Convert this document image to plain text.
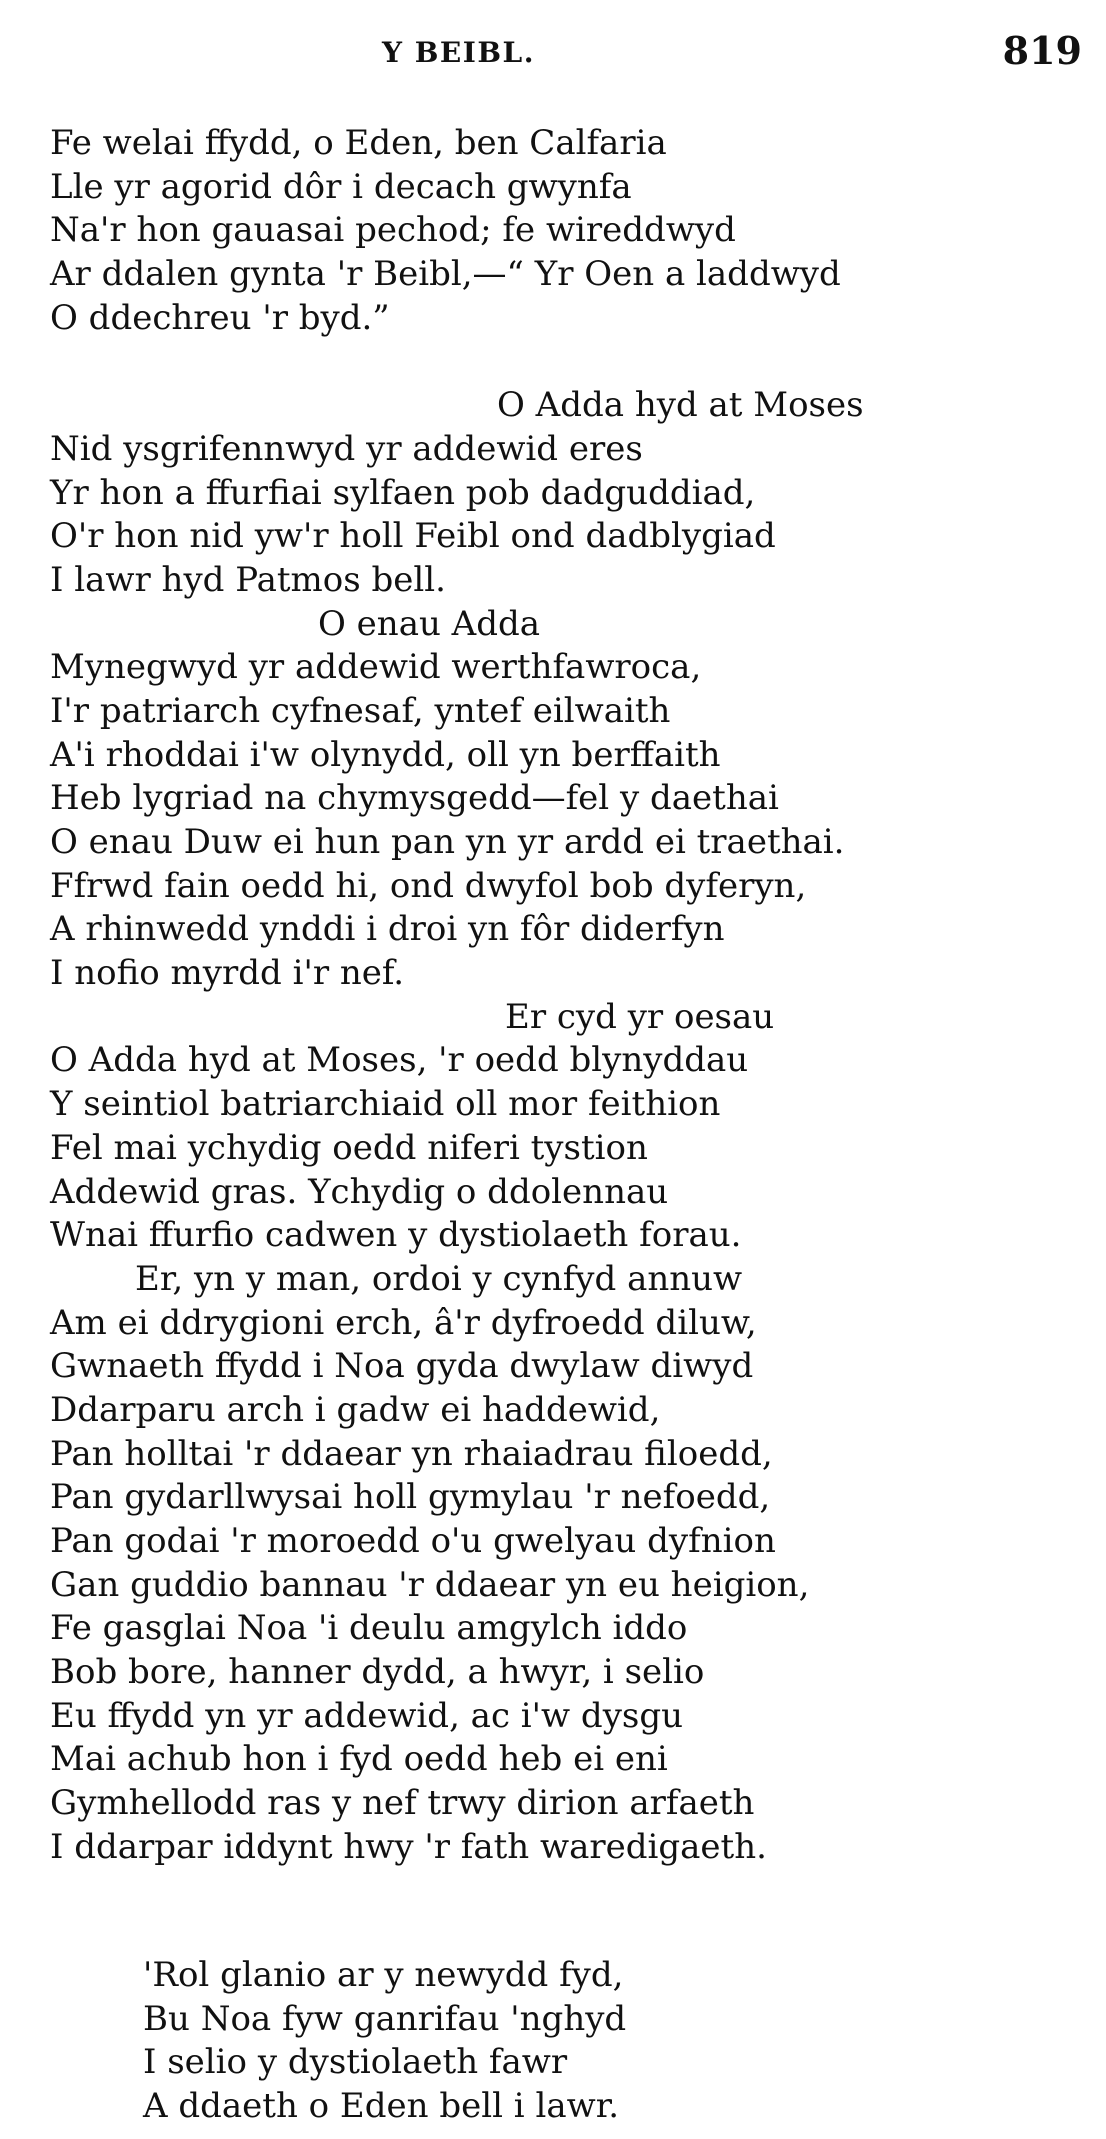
Y BEIBL.	819
Fe welai ffydd, o Eden, ben Calfaria
Lle yr agorid dôr i decach gwynfa
Na'r hon gauasai pechod; fe wireddwyd
Ar ddalen gynta 'r Beibl,—“ Yr Oen a laddwyd
O ddechreu 'r byd.”
O Adda hyd at Moses
Nid ysgrifennwyd yr addewid eres
Yr hon a ffurfiai sylfaen pob dadguddiad,
O'r hon nid yw'r holl Feibl ond dadblygiad
I lawr hyd Patmos bell.
O enau Adda
Mynegwyd yr addewid werthfawroca,
I'r patriarch cyfnesaf, yntef eilwaith
A'i rhoddai i'w olynydd, oll yn berffaith
Heb lygriad na chymysgedd—fel y daethai
O enau Duw ei hun pan yn yr ardd ei traethai.
Ffrwd fain oedd hi, ond dwyfol bob dyferyn,
A rhinwedd ynddi i droi yn fôr diderfyn
I nofio myrdd i'r nef.
Er cyd yr oesau
O Adda hyd at Moses, 'r oedd blynyddau
Y seintiol batriarchiaid oll mor feithion
Fel mai ychydig oedd niferi tystion
Addewid gras. Ychydig o ddolennau
Wnai ffurfio cadwen y dystiolaeth forau.
Er, yn y man, ordoi y cynfyd annuw
Am ei ddrygioni erch, â'r dyfroedd diluw,
Gwnaeth ffydd i Noa gyda dwylaw diwyd
Ddarparu arch i gadw ei haddewid,
Pan holltai 'r ddaear yn rhaiadrau filoedd,
Pan gydarllwysai holl gymylau 'r nefoedd,
Pan godai 'r moroedd o'u gwelyau dyfnion
Gan guddio bannau 'r ddaear yn eu heigion,
Fe gasglai Noa 'i deulu amgylch iddo
Bob bore, hanner dydd, a hwyr, i selio
Eu ffydd yn yr addewid, ac i'w dysgu
Mai achub hon i fyd oedd heb ei eni
Gymhellodd ras y nef trwy dirion arfaeth
I ddarpar iddynt hwy 'r fath waredigaeth.
'Rol glanio ar y newydd fyd,
Bu Noa fyw ganrifau 'nghyd
I selio y dystiolaeth fawr
A ddaeth o Eden bell i lawr.
